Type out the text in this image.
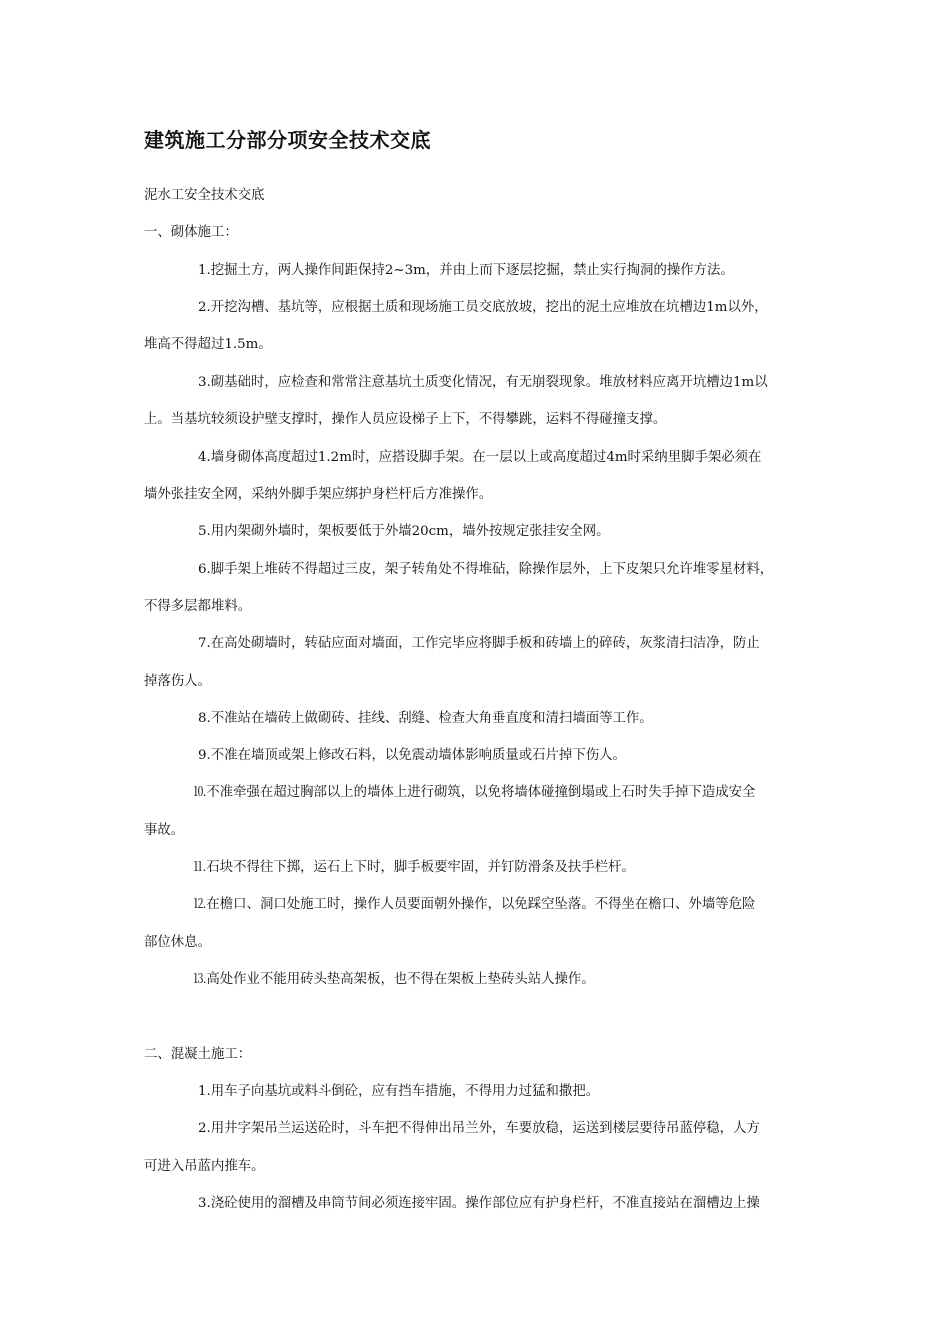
建筑施工分部分项安全技术交底
泥水工安全技术交底
一、砌体施工：
1.挖掘土方，两人操作间距保持2~3m，并由上而下逐层挖掘，禁止实行掏洞的操作方法。
2.开挖沟槽、基坑等，应根据土质和现场施工员交底放坡，挖出的泥土应堆放在坑槽边1m以外，
堆高不得超过1.5m。
3.砌基础时，应检查和常常注意基坑土质变化情况，有无崩裂现象。堆放材料应离开坑槽边1m以
上。当基坑较须设护壁支撑时，操作人员应设梯子上下，不得攀跳，运料不得碰撞支撑。
4.墙身砌体高度超过1.2m时，应搭设脚手架。在一层以上或高度超过4m时采纳里脚手架必须在
墙外张挂安全网，采纳外脚手架应绑护身栏杆后方准操作。
5.用内架砌外墙时，架板要低于外墙20cm，墙外按规定张挂安全网。
6.脚手架上堆砖不得超过三皮，架子转角处不得堆砧，除操作层外，上下皮架只允许堆零星材料，
不得多层都堆料。
7.在高处砌墙时，转砧应面对墙面，工作完毕应将脚手板和砖墙上的碎砖，灰浆清扫洁净，防止
掉落伤人。
8.不准站在墙砖上做砌砖、挂线、刮缝、检查大角垂直度和清扫墙面等工作。
9.不准在墙顶或架上修改石料，以免震动墙体影响质量或石片掉下伤人。
⒑不准牵强在超过胸部以上的墙体上进行砌筑，以免将墙体碰撞倒塌或上石时失手掉下造成安全
事故。
⒒石块不得往下掷，运石上下时，脚手板要牢固，并钉防滑条及扶手栏杆。
⒓在檐口、洞口处施工时，操作人员要面朝外操作，以免踩空坠落。不得坐在檐口、外墙等危险
部位休息。
⒔高处作业不能用砖头垫高架板，也不得在架板上垫砖头站人操作。
二、混凝土施工：
1.用车子向基坑或料斗倒砼，应有挡车措施，不得用力过猛和撒把。
2.用井字架吊兰运送砼时，斗车把不得伸出吊兰外，车要放稳，运送到楼层要待吊蓝停稳，人方
可进入吊蓝内推车。
3.浇砼使用的溜槽及串筒节间必须连接牢固。操作部位应有护身栏杆，不准直接站在溜槽边上操
